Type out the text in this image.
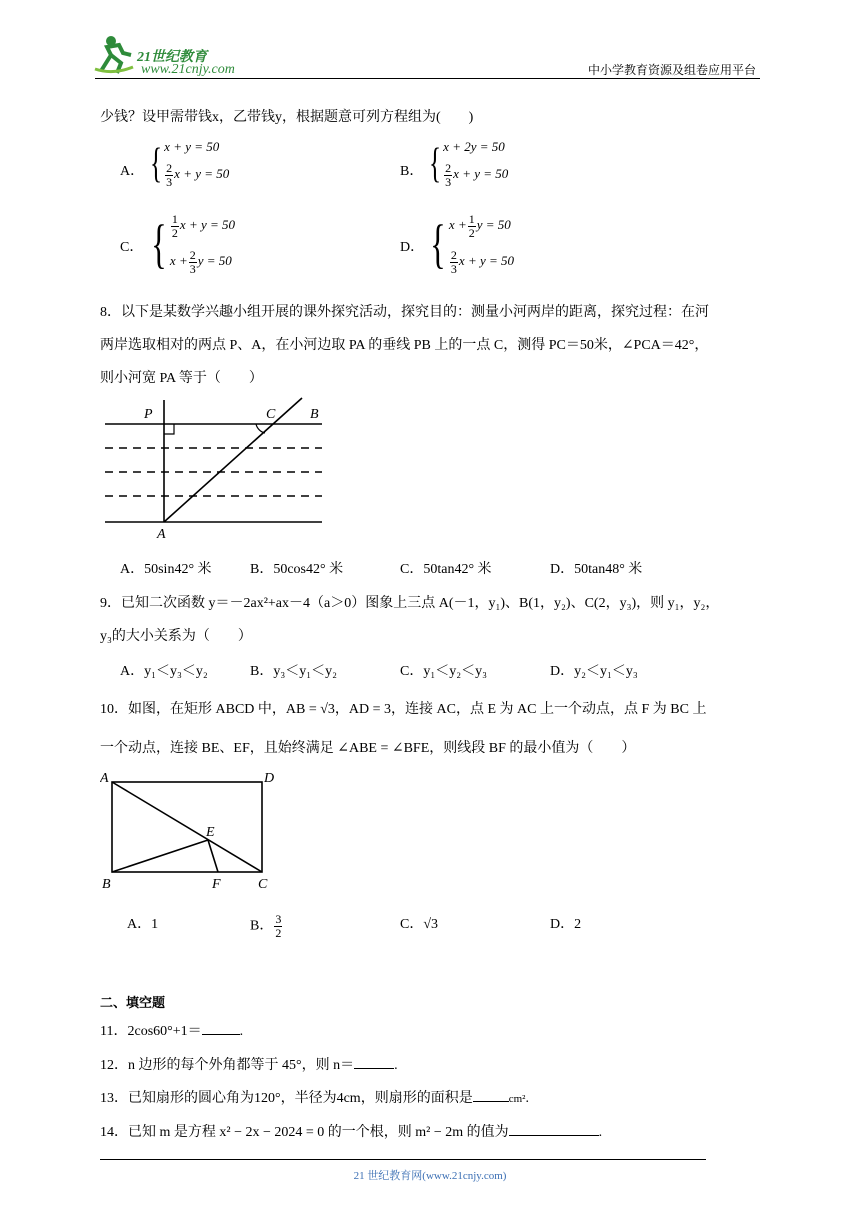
21世纪教育
www.21cnjy.com	中小学教育资源及组卷应用平台
少钱？设甲需带钱x，乙带钱y，根据题意可列方程组为(　　)
A． { x + y = 50
$\frac{2}{3}$ x + y = 50	B． { x + 2y = 50
$\frac{2}{3}$ x + y = 50
C． { $\frac{1}{2}$ x + y = 50
$x + \frac{2}{3}$ y = 50
D． { $x + \frac{1}{2}$ y = 50
$\frac{2}{3}$ x + y = 50
8．以下是某数学兴趣小组开展的课外探究活动，探究目的：测量小河两岸的距离，探究过程：在河
两岸选取相对的两点 P、A，在小河边取 PA 的垂线 PB 上的一点 C，测得 PC＝50米，∠PCA＝42°，
则小河宽 PA 等于（　　）
P	C B
A
A．50sin42° 米	B．50cos42° 米	C．50tan42° 米	D．50tan48° 米
9．已知二次函数 y＝－2ax²+ax－4（a＞0）图象上三点 A(－1，y₁)、B(1，y₂)、C(2，y₃)，则 y₁，y₂，
y₃的大小关系为（　　）
A．y₁＜y₃＜y₂	B．y₃＜y₁＜y₂	C．y₁＜y₂＜y₃	D．y₂＜y₁＜y₃
10．如图，在矩形 ABCD 中，AB = √3，AD = 3，连接 AC，点 E 为 AC 上一个动点，点 F 为 BC 上
一个动点，连接 BE、EF，且始终满足 ∠ABE = ∠BFE，则线段 BF 的最小值为（　　）
A	D
E
B	F	C
A．1	B． $\frac{3}{2}$	C．√3	D．2
二、填空题
11．2cos60°+1＝	.
12．n 边形的每个外角都等于 45°，则 n＝	.
13．已知扇形的圆心角为120°，半径为4cm，则扇形的面积是	cm².
14．已知 m 是方程 x² − 2x − 2024 = 0 的一个根，则 m² − 2m 的值为	.
21 世纪教育网(www.21cnjy.com)
